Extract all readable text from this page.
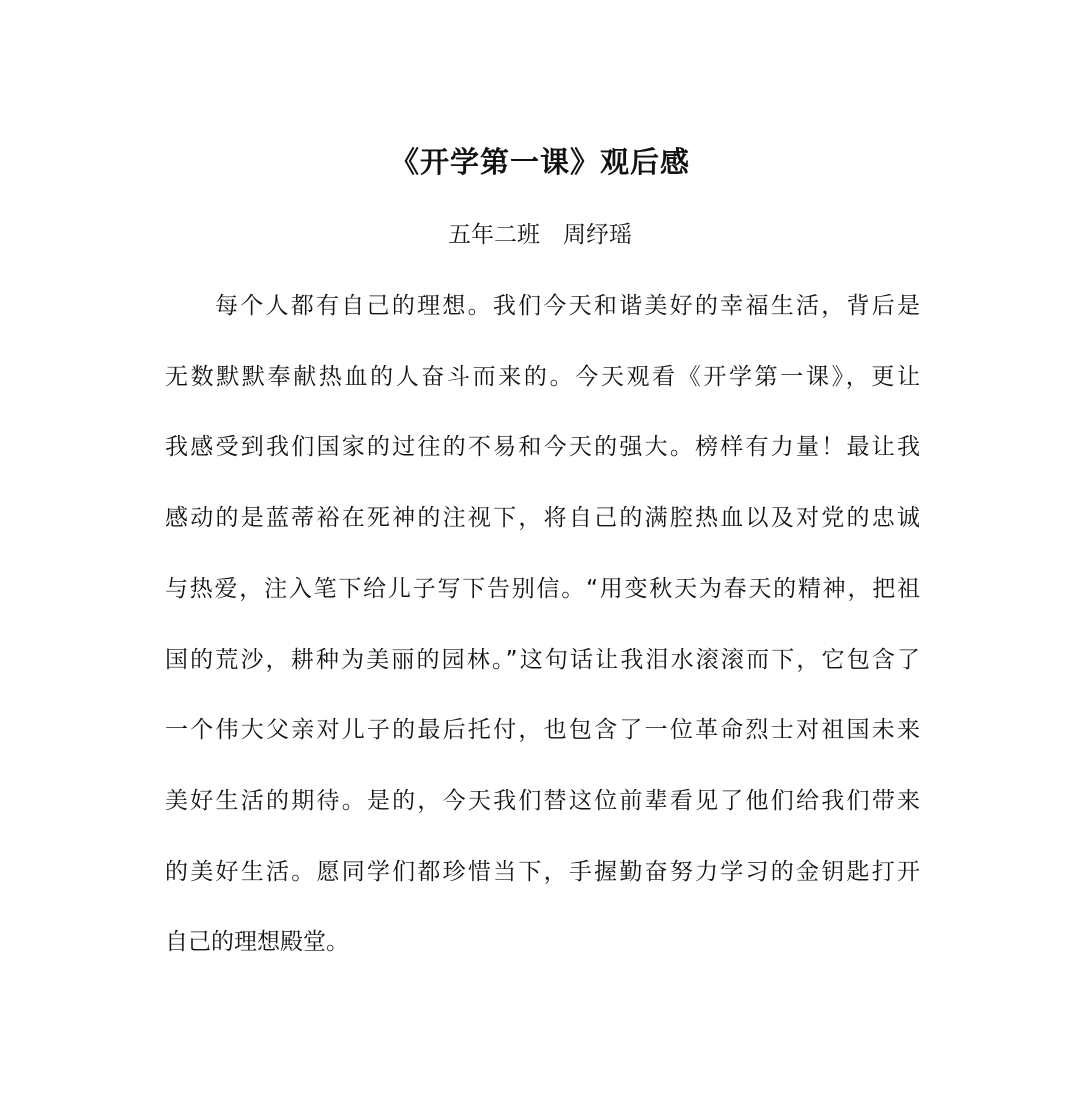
《开学第一课》观后感

五年二班　周纾瑶

每个人都有自己的理想。我们今天和谐美好的幸福生活，背后是
无数默默奉献热血的人奋斗而来的。今天观看《开学第一课》，更让
我感受到我们国家的过往的不易和今天的强大。榜样有力量！最让我
感动的是蓝蒂裕在死神的注视下，将自己的满腔热血以及对党的忠诚
与热爱，注入笔下给儿子写下告别信。“用变秋天为春天的精神，把祖
国的荒沙，耕种为美丽的园林。”这句话让我泪水滚滚而下，它包含了
一个伟大父亲对儿子的最后托付，也包含了一位革命烈士对祖国未来
美好生活的期待。是的，今天我们替这位前辈看见了他们给我们带来
的美好生活。愿同学们都珍惜当下，手握勤奋努力学习的金钥匙打开
自己的理想殿堂。
